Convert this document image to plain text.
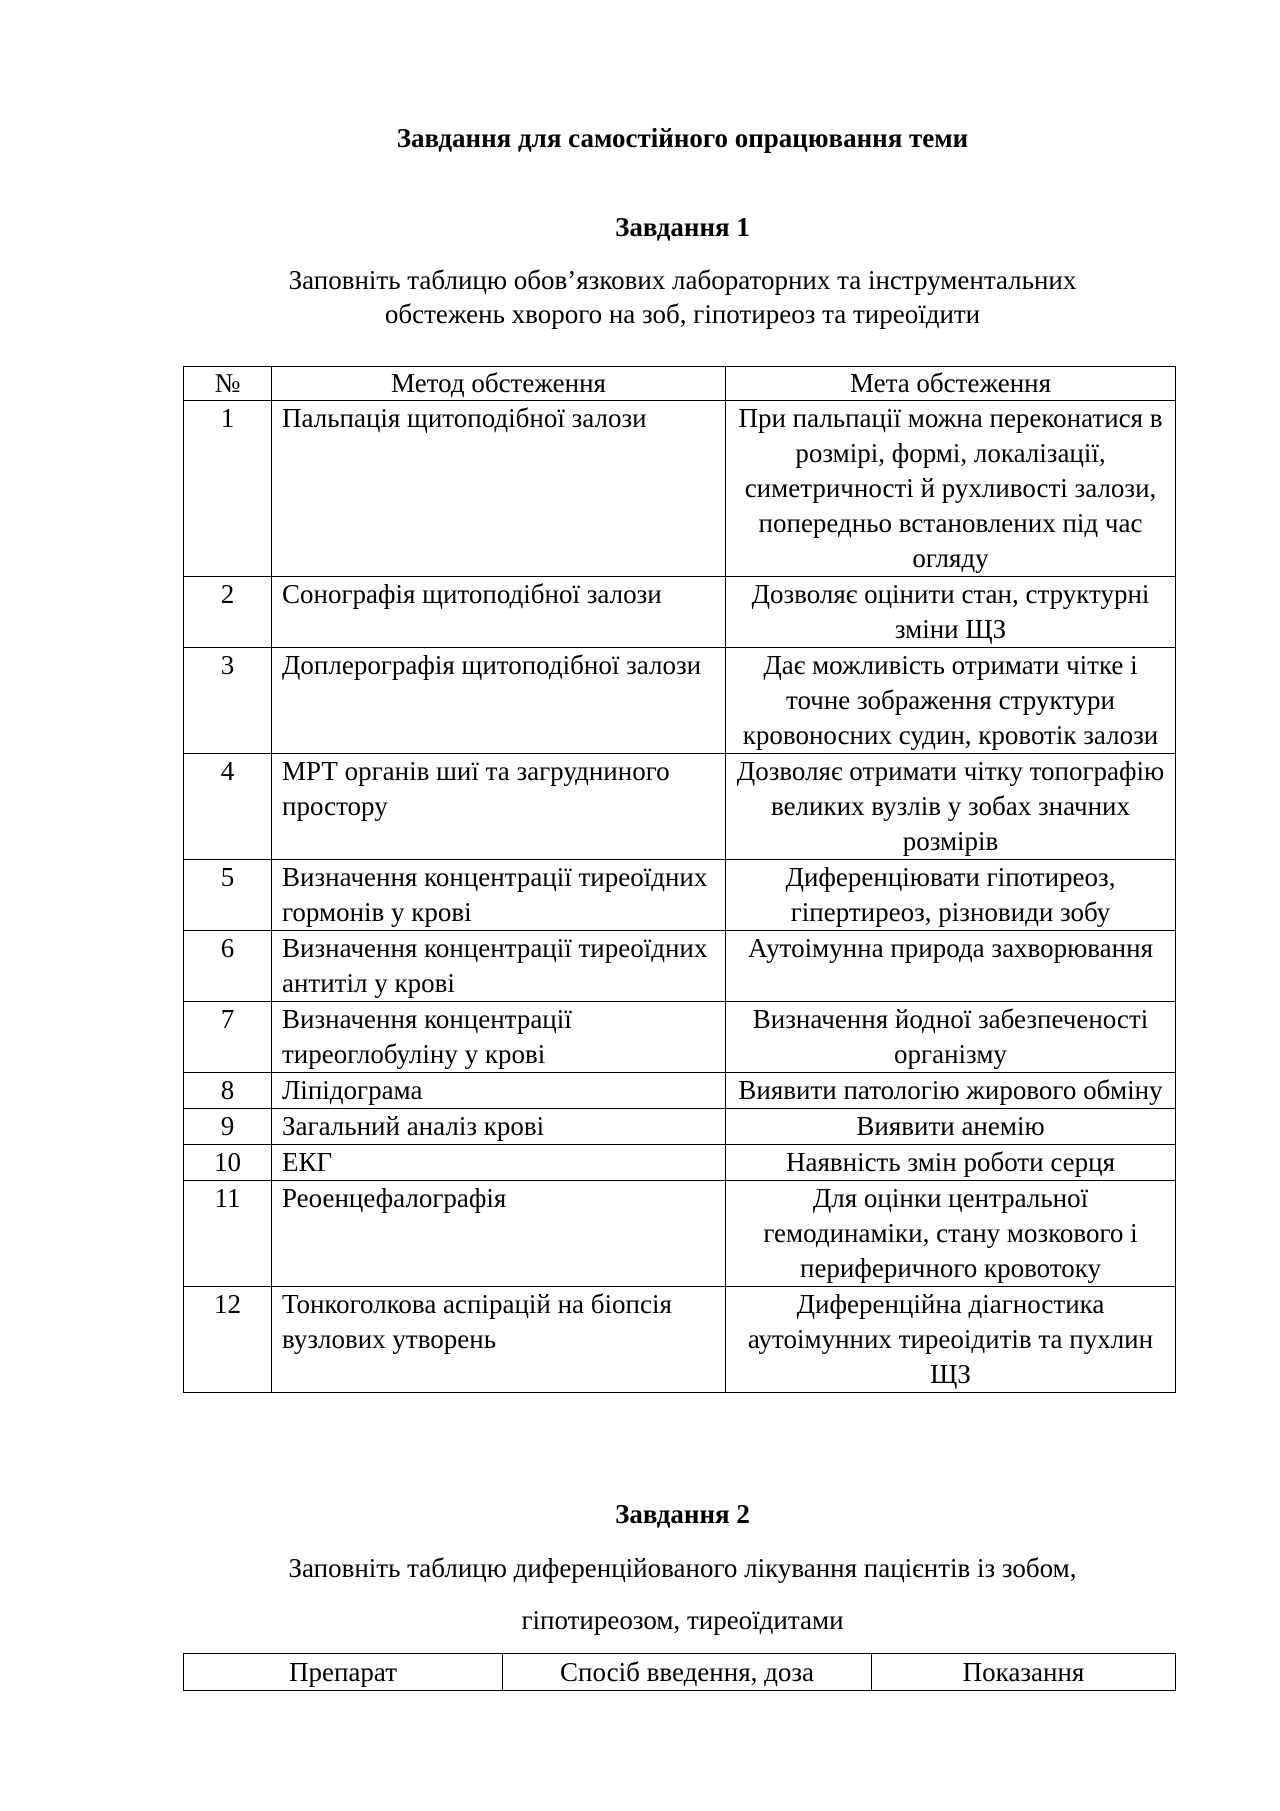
Завдання для самостійного опрацювання теми
Завдання 1
Заповніть таблицю обов’язкових лабораторних та інструментальних
обстежень хворого на зоб, гіпотиреоз та тиреоїдити
№	Метод обстеження	Мета обстеження
1	Пальпація щитоподібної залози	При пальпації можна переконатися в розмірі, формі, локалізації, симетричності й рухливості залози, попередньо встановлених під час огляду
2	Сонографія щитоподібної залози	Дозволяє оцінити стан, структурні зміни ЩЗ
3	Доплерографія щитоподібної залози	Дає можливість отримати чітке і точне зображення структури кровоносних судин, кровотік залози
4	МРТ органів шиї та загрудниного простору	Дозволяє отримати чітку топографію великих вузлів у зобах значних розмірів
5	Визначення концентрації тиреоїдних гормонів у крові	Диференціювати гіпотиреоз, гіпертиреоз, різновиди зобу
6	Визначення концентрації тиреоїдних антитіл у крові	Аутоімунна природа захворювання
7	Визначення концентрації тиреоглобуліну у крові	Визначення йодної забезпеченості організму
8	Ліпідограма	Виявити патологію жирового обміну
9	Загальний аналіз крові	Виявити анемію
10	ЕКГ	Наявність змін роботи серця
11	Реоенцефалографія	Для оцінки центральної гемодинаміки, стану мозкового і периферичного кровотоку
12	Тонкоголкова аспірацій на біопсія вузлових утворень	Диференційна діагностика аутоімунних тиреоідитів та пухлин ЩЗ
Завдання 2
Заповніть таблицю диференційованого лікування пацієнтів із зобом,
гіпотиреозом, тиреоїдитами
Препарат	Спосіб введення, доза	Показання
